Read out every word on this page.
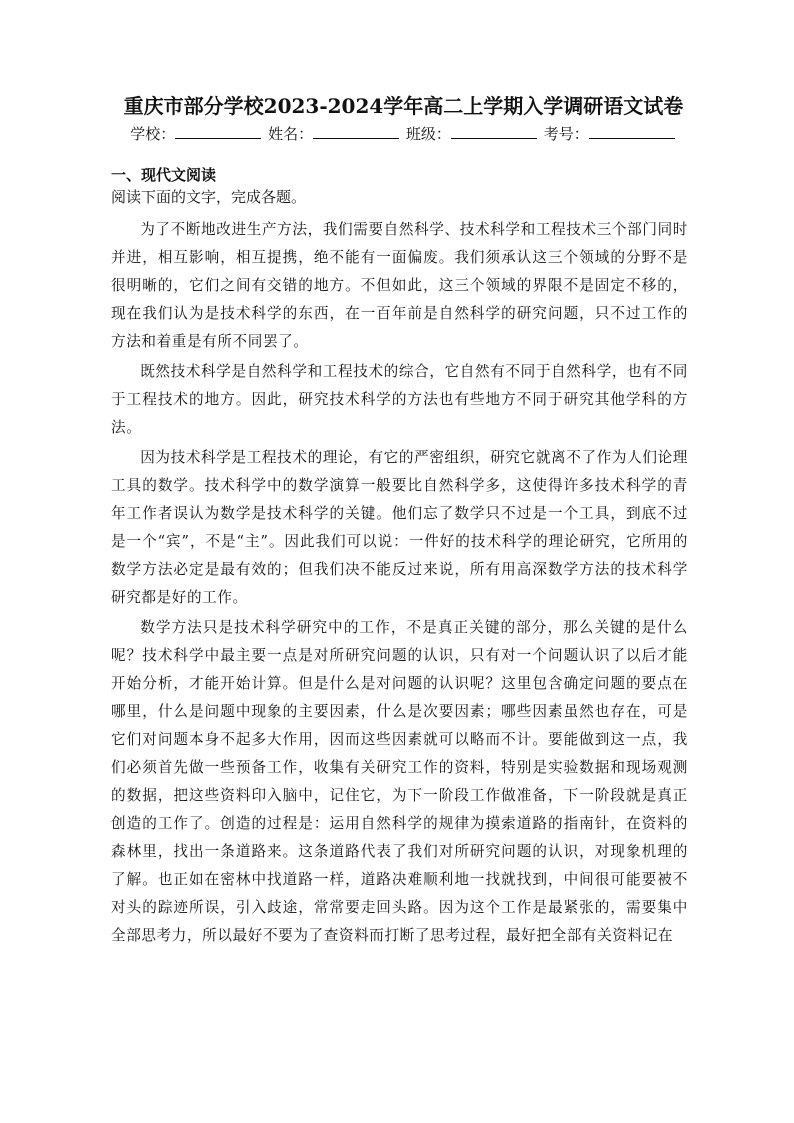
重庆市部分学校2023-2024学年高二上学期入学调研语文试卷
学校：	姓名：	班级：	考号：
一、现代文阅读

阅读下面的文字，完成各题。

为了不断地改进生产方法，我们需要自然科学、技术科学和工程技术三个部门同时并进，相互影响，相互提携，绝不能有一面偏废。我们须承认这三个领域的分野不是很明晰的，它们之间有交错的地方。不但如此，这三个领域的界限不是固定不移的，现在我们认为是技术科学的东西，在一百年前是自然科学的研究问题，只不过工作的方法和着重是有所不同罢了。

既然技术科学是自然科学和工程技术的综合，它自然有不同于自然科学，也有不同于工程技术的地方。因此，研究技术科学的方法也有些地方不同于研究其他学科的方法。

因为技术科学是工程技术的理论，有它的严密组织，研究它就离不了作为人们论理工具的数学。技术科学中的数学演算一般要比自然科学多，这使得许多技术科学的青年工作者误认为数学是技术科学的关键。他们忘了数学只不过是一个工具，到底不过是一个“宾”，不是“主”。因此我们可以说：一件好的技术科学的理论研究，它所用的数学方法必定是最有效的；但我们决不能反过来说，所有用高深数学方法的技术科学研究都是好的工作。

数学方法只是技术科学研究中的工作，不是真正关键的部分，那么关键的是什么呢？技术科学中最主要一点是对所研究问题的认识，只有对一个问题认识了以后才能开始分析，才能开始计算。但是什么是对问题的认识呢？这里包含确定问题的要点在哪里，什么是问题中现象的主要因素，什么是次要因素；哪些因素虽然也存在，可是它们对问题本身不起多大作用，因而这些因素就可以略而不计。要能做到这一点，我们必须首先做一些预备工作，收集有关研究工作的资料，特别是实验数据和现场观测的数据，把这些资料印入脑中，记住它，为下一阶段工作做准备，下一阶段就是真正创造的工作了。创造的过程是：运用自然科学的规律为摸索道路的指南针，在资料的森林里，找出一条道路来。这条道路代表了我们对所研究问题的认识，对现象机理的了解。也正如在密林中找道路一样，道路决难顺利地一找就找到，中间很可能要被不对头的踪迹所误，引入歧途，常常要走回头路。因为这个工作是最紧张的，需要集中全部思考力，所以最好不要为了查资料而打断了思考过程，最好把全部有关资料记在
